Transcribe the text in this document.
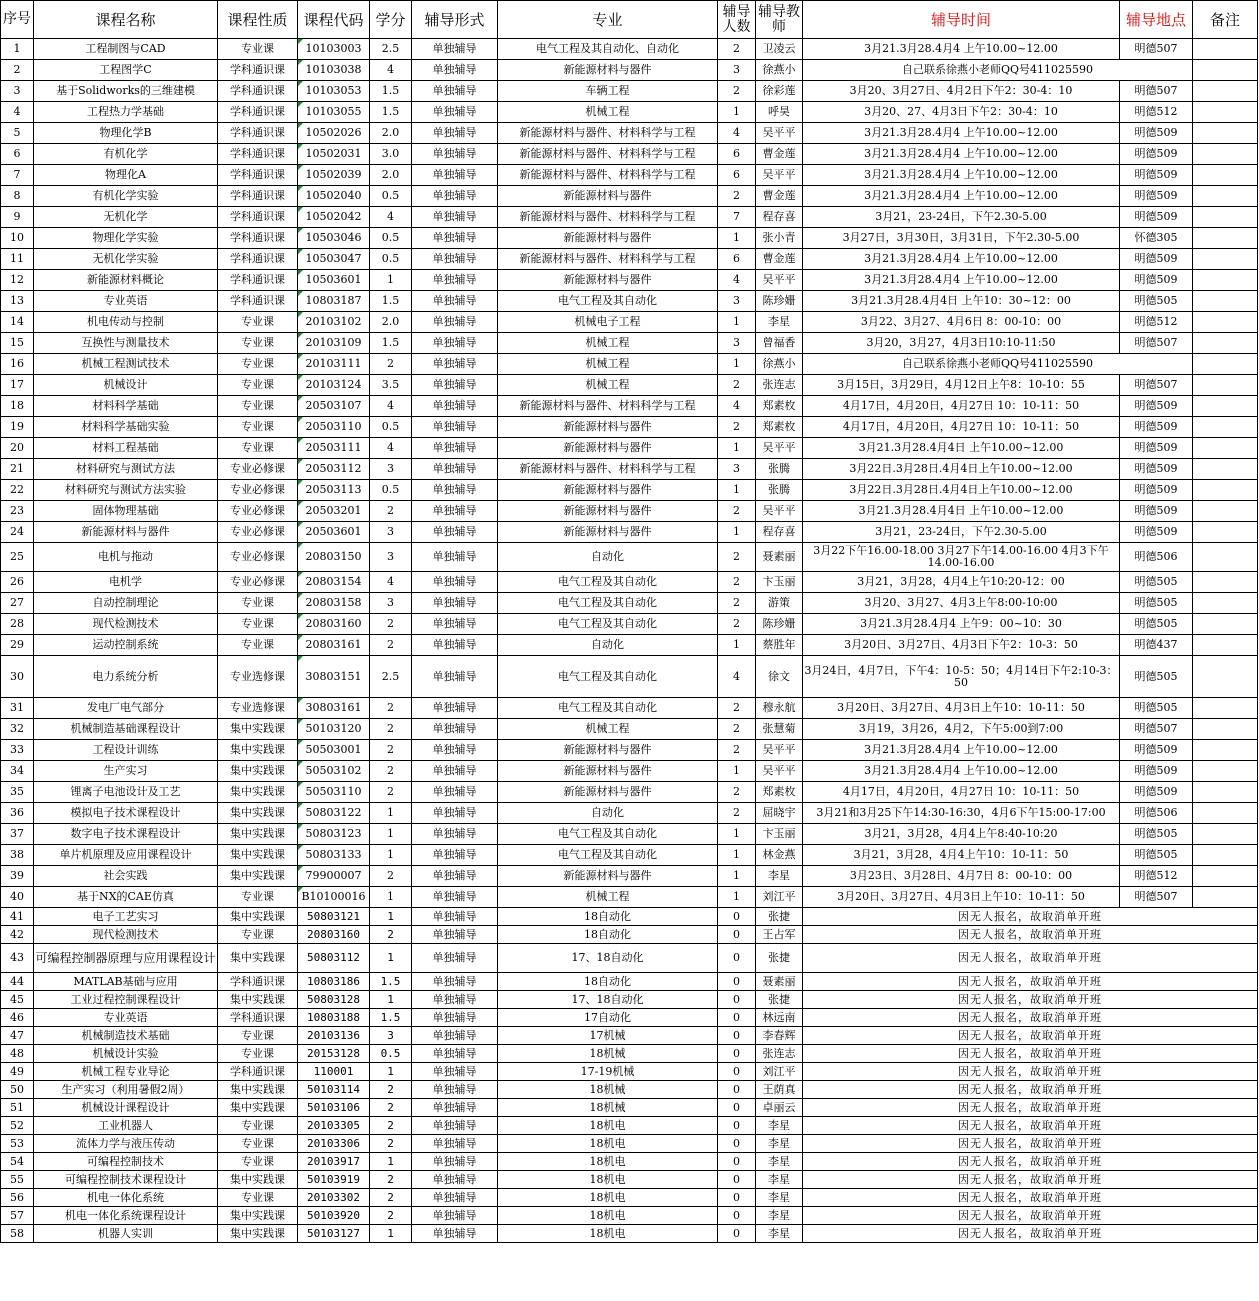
序号	课程名称	课程性质	课程代码	学分	辅导形式	专业	辅导人数	辅导教师	辅导时间	辅导地点	备注
1	工程制图与CAD	专业课	10103003	2.5	单独辅导	电气工程及其自动化、自动化	2	卫凌云	3月21.3月28.4月4 上午10.00~12.00	明德507	
2	工程图学C	学科通识课	10103038	4	单独辅导	新能源材料与器件	3	徐燕小	自己联系徐燕小老师QQ号411025590		
3	基于Solidworks的三维建模	学科通识课	10103053	1.5	单独辅导	车辆工程	2	徐彩莲	3月20、3月27日、4月2日下午2：30-4：10	明德507	
4	工程热力学基础	学科通识课	10103055	1.5	单独辅导	机械工程	1	呼昊	3月20、27、4月3日下午2：30-4：10	明德512	
5	物理化学B	学科通识课	10502026	2.0	单独辅导	新能源材料与器件、材料科学与工程	4	吴平平	3月21.3月28.4月4 上午10.00~12.00	明德509	
6	有机化学	学科通识课	10502031	3.0	单独辅导	新能源材料与器件、材料科学与工程	6	曹金莲	3月21.3月28.4月4 上午10.00~12.00	明德509	
7	物理化A	学科通识课	10502039	2.0	单独辅导	新能源材料与器件、材料科学与工程	6	吴平平	3月21.3月28.4月4 上午10.00~12.00	明德509	
8	有机化学实验	学科通识课	10502040	0.5	单独辅导	新能源材料与器件	2	曹金莲	3月21.3月28.4月4 上午10.00~12.00	明德509	
9	无机化学	学科通识课	10502042	4	单独辅导	新能源材料与器件、材料科学与工程	7	程存喜	3月21，23-24日，下午2.30-5.00	明德509	
10	物理化学实验	学科通识课	10503046	0.5	单独辅导	新能源材料与器件	1	张小青	3月27日，3月30日，3月31日，下午2.30-5.00	怀德305	
11	无机化学实验	学科通识课	10503047	0.5	单独辅导	新能源材料与器件、材料科学与工程	6	曹金莲	3月21.3月28.4月4 上午10.00~12.00	明德509	
12	新能源材料概论	学科通识课	10503601	1	单独辅导	新能源材料与器件	4	吴平平	3月21.3月28.4月4 上午10.00~12.00	明德509	
13	专业英语	学科通识课	10803187	1.5	单独辅导	电气工程及其自动化	3	陈珍姗	3月21.3月28.4月4日 上午10：30~12：00	明德505	
14	机电传动与控制	专业课	20103102	2.0	单独辅导	机械电子工程	1	李星	3月22、3月27、4月6日 8：00-10：00	明德512	
15	互换性与测量技术	专业课	20103109	1.5	单独辅导	机械工程	3	曾福香	3月20，3月27，4月3日10:10-11:50	明德507	
16	机械工程测试技术	专业课	20103111	2	单独辅导	机械工程	1	徐燕小	自己联系徐燕小老师QQ号411025590		
17	机械设计	专业课	20103124	3.5	单独辅导	机械工程	2	张连志	3月15日，3月29日，4月12日上午8：10-10：55	明德507	
18	材料科学基础	专业课	20503107	4	单独辅导	新能源材料与器件、材料科学与工程	4	郑素枚	4月17日，4月20日，4月27日 10：10-11：50	明德509	
19	材料科学基础实验	专业课	20503110	0.5	单独辅导	新能源材料与器件	2	郑素枚	4月17日，4月20日，4月27日 10：10-11：50	明德509	
20	材料工程基础	专业课	20503111	4	单独辅导	新能源材料与器件	1	吴平平	3月21.3月28.4月4日 上午10.00~12.00	明德509	
21	材料研究与测试方法	专业必修课	20503112	3	单独辅导	新能源材料与器件、材料科学与工程	3	张腾	3月22日.3月28日.4月4日上午10.00~12.00	明德509	
22	材料研究与测试方法实验	专业必修课	20503113	0.5	单独辅导	新能源材料与器件	1	张腾	3月22日.3月28日.4月4日上午10.00~12.00	明德509	
23	固体物理基础	专业必修课	20503201	2	单独辅导	新能源材料与器件	2	吴平平	3月21.3月28.4月4日 上午10.00~12.00	明德509	
24	新能源材料与器件	专业必修课	20503601	3	单独辅导	新能源材料与器件	1	程存喜	3月21，23-24日，下午2.30-5.00	明德509	
25	电机与拖动	专业必修课	20803150	3	单独辅导	自动化	2	聂素丽	3月22下午16.00-18.00 3月27下午14.00-16.00 4月3下午14.00-16.00	明德506	
26	电机学	专业必修课	20803154	4	单独辅导	电气工程及其自动化	2	卞玉丽	3月21，3月28，4月4上午10:20-12：00	明德505	
27	自动控制理论	专业课	20803158	3	单独辅导	电气工程及其自动化	2	游策	3月20、3月27、4月3上午8:00-10:00	明德505	
28	现代检测技术	专业课	20803160	2	单独辅导	电气工程及其自动化	2	陈珍姗	3月21.3月28.4月4 上午9：00~10：30	明德505	
29	运动控制系统	专业课	20803161	2	单独辅导	自动化	1	蔡胜年	3月20日、3月27日、4月3日下午2：10-3：50	明德437	
30	电力系统分析	专业选修课	30803151	2.5	单独辅导	电气工程及其自动化	4	徐文	3月24日，4月7日，下午4：10-5：50；4月14日下午2:10-3：50	明德505	
31	发电厂电气部分	专业选修课	30803161	2	单独辅导	电气工程及其自动化	2	穆永航	3月20日、3月27日、4月3日上午10：10-11：50	明德505	
32	机械制造基础课程设计	集中实践课	50103120	2	单独辅导	机械工程	2	张慧菊	3月19，3月26，4月2，下午5:00到7:00	明德507	
33	工程设计训练	集中实践课	50503001	2	单独辅导	新能源材料与器件	2	吴平平	3月21.3月28.4月4 上午10.00~12.00	明德509	
34	生产实习	集中实践课	50503102	2	单独辅导	新能源材料与器件	1	吴平平	3月21.3月28.4月4 上午10.00~12.00	明德509	
35	锂离子电池设计及工艺	集中实践课	50503110	2	单独辅导	新能源材料与器件	2	郑素枚	4月17日，4月20日，4月27日 10：10-11：50	明德509	
36	模拟电子技术课程设计	集中实践课	50803122	1	单独辅导	自动化	2	屈晓宇	3月21和3月25下午14:30-16:30，4月6下午15:00-17:00	明德506	
37	数字电子技术课程设计	集中实践课	50803123	1	单独辅导	电气工程及其自动化	1	卞玉丽	3月21，3月28，4月4上午8:40-10:20	明德505	
38	单片机原理及应用课程设计	集中实践课	50803133	1	单独辅导	电气工程及其自动化	1	林金燕	3月21，3月28，4月4上午10：10-11：50	明德505	
39	社会实践	集中实践课	79900007	2	单独辅导	新能源材料与器件	1	李星	3月23日、3月28日、4月7日 8：00-10：00	明德512	
40	基于NX的CAE仿真	专业课	B10100016	1	单独辅导	机械工程	1	刘江平	3月20日、3月27日、4月3日上午10：10-11：50	明德507	
41	电子工艺实习	集中实践课	50803121	1	单独辅导	18自动化	0	张捷	因无人报名，故取消单开班		
42	现代检测技术	专业课	20803160	2	单独辅导	18自动化	0	王占军	因无人报名，故取消单开班		
43	可编程控制器原理与应用课程设计	集中实践课	50803112	1	单独辅导	17、18自动化	0	张捷	因无人报名，故取消单开班		
44	MATLAB基础与应用	学科通识课	10803186	1.5	单独辅导	18自动化	0	聂素丽	因无人报名，故取消单开班		
45	工业过程控制课程设计	集中实践课	50803128	1	单独辅导	17、18自动化	0	张捷	因无人报名，故取消单开班		
46	专业英语	学科通识课	10803188	1.5	单独辅导	17自动化	0	林远南	因无人报名，故取消单开班		
47	机械制造技术基础	专业课	20103136	3	单独辅导	17机械	0	李春辉	因无人报名，故取消单开班		
48	机械设计实验	专业课	20153128	0.5	单独辅导	18机械	0	张连志	因无人报名，故取消单开班		
49	机械工程专业导论	学科通识课	110001	1	单独辅导	17-19机械	0	刘江平	因无人报名，故取消单开班		
50	生产实习（利用暑假2周）	集中实践课	50103114	2	单独辅导	18机械	0	王荫真	因无人报名，故取消单开班		
51	机械设计课程设计	集中实践课	50103106	2	单独辅导	18机械	0	卓丽云	因无人报名，故取消单开班		
52	工业机器人	专业课	20103305	2	单独辅导	18机电	0	李星	因无人报名，故取消单开班		
53	流体力学与液压传动	专业课	20103306	2	单独辅导	18机电	0	李星	因无人报名，故取消单开班		
54	可编程控制技术	专业课	20103917	1	单独辅导	18机电	0	李星	因无人报名，故取消单开班		
55	可编程控制技术课程设计	集中实践课	50103919	2	单独辅导	18机电	0	李星	因无人报名，故取消单开班		
56	机电一体化系统	专业课	20103302	2	单独辅导	18机电	0	李星	因无人报名，故取消单开班		
57	机电一体化系统课程设计	集中实践课	50103920	2	单独辅导	18机电	0	李星	因无人报名，故取消单开班		
58	机器人实训	集中实践课	50103127	1	单独辅导	18机电	0	李星	因无人报名，故取消单开班		
